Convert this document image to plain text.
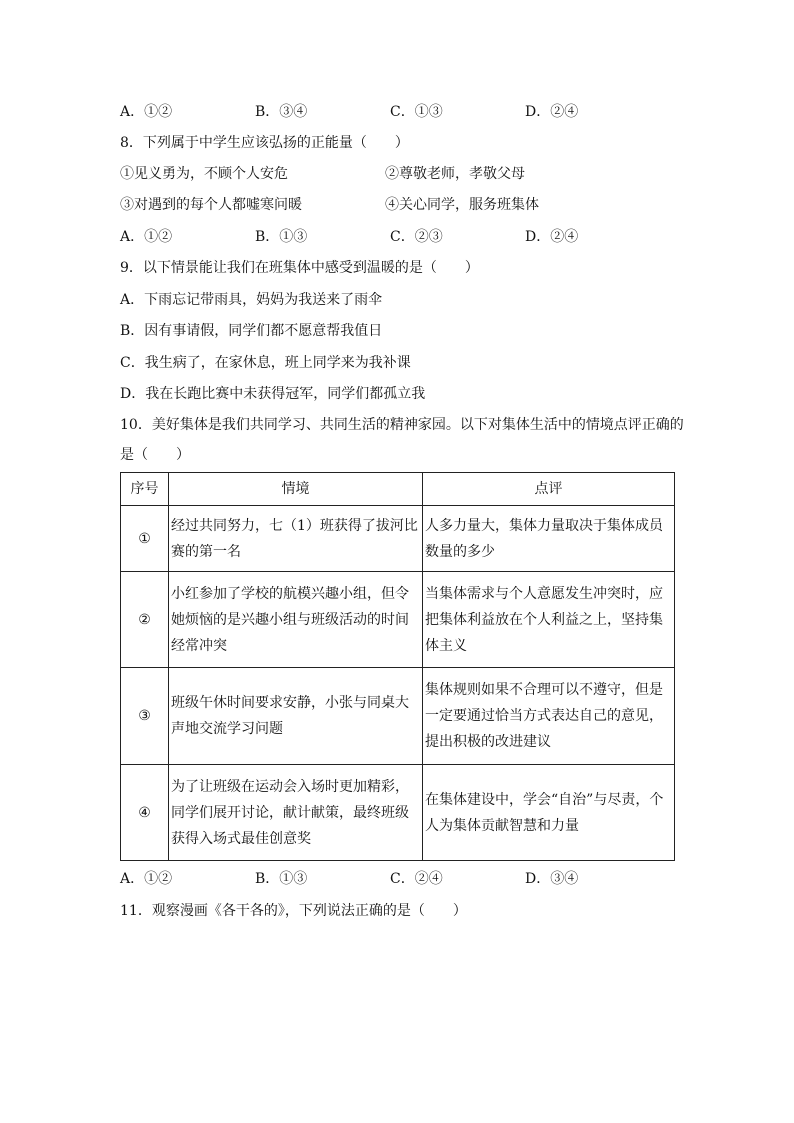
A．①②	B．③④	C．①③	D．②④
8．下列属于中学生应该弘扬的正能量（　　）
①见义勇为，不顾个人安危	②尊敬老师，孝敬父母
③对遇到的每个人都嘘寒问暖	④关心同学，服务班集体
A．①②	B．①③	C．②③	D．②④
9．以下情景能让我们在班集体中感受到温暖的是（　　）
A．下雨忘记带雨具，妈妈为我送来了雨伞
B．因有事请假，同学们都不愿意帮我值日
C．我生病了，在家休息，班上同学来为我补课
D．我在长跑比赛中未获得冠军，同学们都孤立我
10．美好集体是我们共同学习、共同生活的精神家园。以下对集体生活中的情境点评正确的
是（　　）
序号	情境	点评
①	经过共同努力，七（1）班获得了拔河比赛的第一名	人多力量大，集体力量取决于集体成员数量的多少
②	小红参加了学校的航模兴趣小组，但令她烦恼的是兴趣小组与班级活动的时间经常冲突	当集体需求与个人意愿发生冲突时，应把集体利益放在个人利益之上，坚持集体主义
③	班级午休时间要求安静，小张与同桌大声地交流学习问题	集体规则如果不合理可以不遵守，但是一定要通过恰当方式表达自己的意见，提出积极的改进建议
④	为了让班级在运动会入场时更加精彩，同学们展开讨论，献计献策，最终班级获得入场式最佳创意奖	在集体建设中，学会“自治”与尽责，个人为集体贡献智慧和力量
A．①②	B．①③	C．②④	D．③④
11．观察漫画《各干各的》，下列说法正确的是（　　）
